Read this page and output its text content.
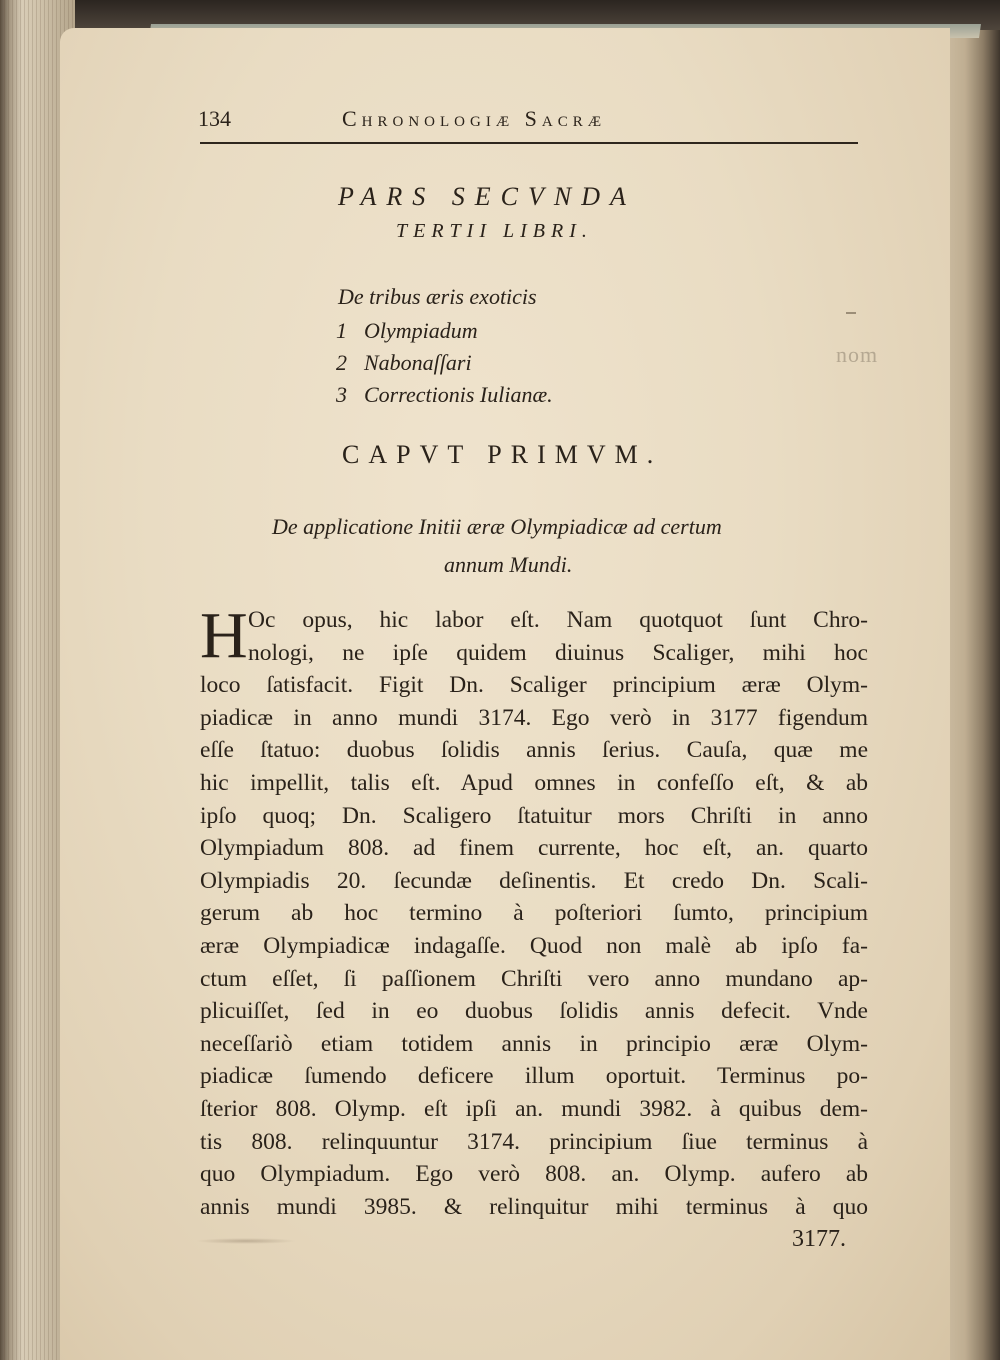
134	Chronologiæ Sacræ
PARS SECVNDA
TERTII LIBRI.
De tribus æris exoticis
1 Olympiadum
2 Nabonaſſari
3 Correctionis Iulianæ.
CAPVT PRIMVM.
De applicatione Initii æræ Olympiadicæ ad certum
annum Mundi.
H Oc opus, hic labor eſt. Nam quotquot ſunt Chro-
nologi, ne ipſe quidem diuinus Scaliger, mihi hoc
loco ſatisfacit. Figit Dn. Scaliger principium æræ Olym-
piadicæ in anno mundi 3174. Ego verò in 3177 figendum
eſſe ſtatuo: duobus ſolidis annis ſerius. Cauſa, quæ me
hic impellit, talis eſt. Apud omnes in confeſſo eſt, & ab
ipſo quoq; Dn. Scaligero ſtatuitur mors Chriſti in anno
Olympiadum 808. ad finem currente, hoc eſt, an. quarto
Olympiadis 20. ſecundæ deſinentis. Et credo Dn. Scali-
gerum ab hoc termino à poſteriori ſumto, principium
æræ Olympiadicæ indagaſſe. Quod non malè ab ipſo fa-
ctum eſſet, ſi paſſionem Chriſti vero anno mundano ap-
plicuiſſet, ſed in eo duobus ſolidis annis defecit. Vnde
neceſſariò etiam totidem annis in principio æræ Olym-
piadicæ ſumendo deficere illum oportuit. Terminus po-
ſterior 808. Olymp. eſt ipſi an. mundi 3982. à quibus dem-
tis 808. relinquuntur 3174. principium ſiue terminus à
quo Olympiadum. Ego verò 808. an. Olymp. aufero ab
annis mundi 3985. & relinquitur mihi terminus à quo
3177.
nom
